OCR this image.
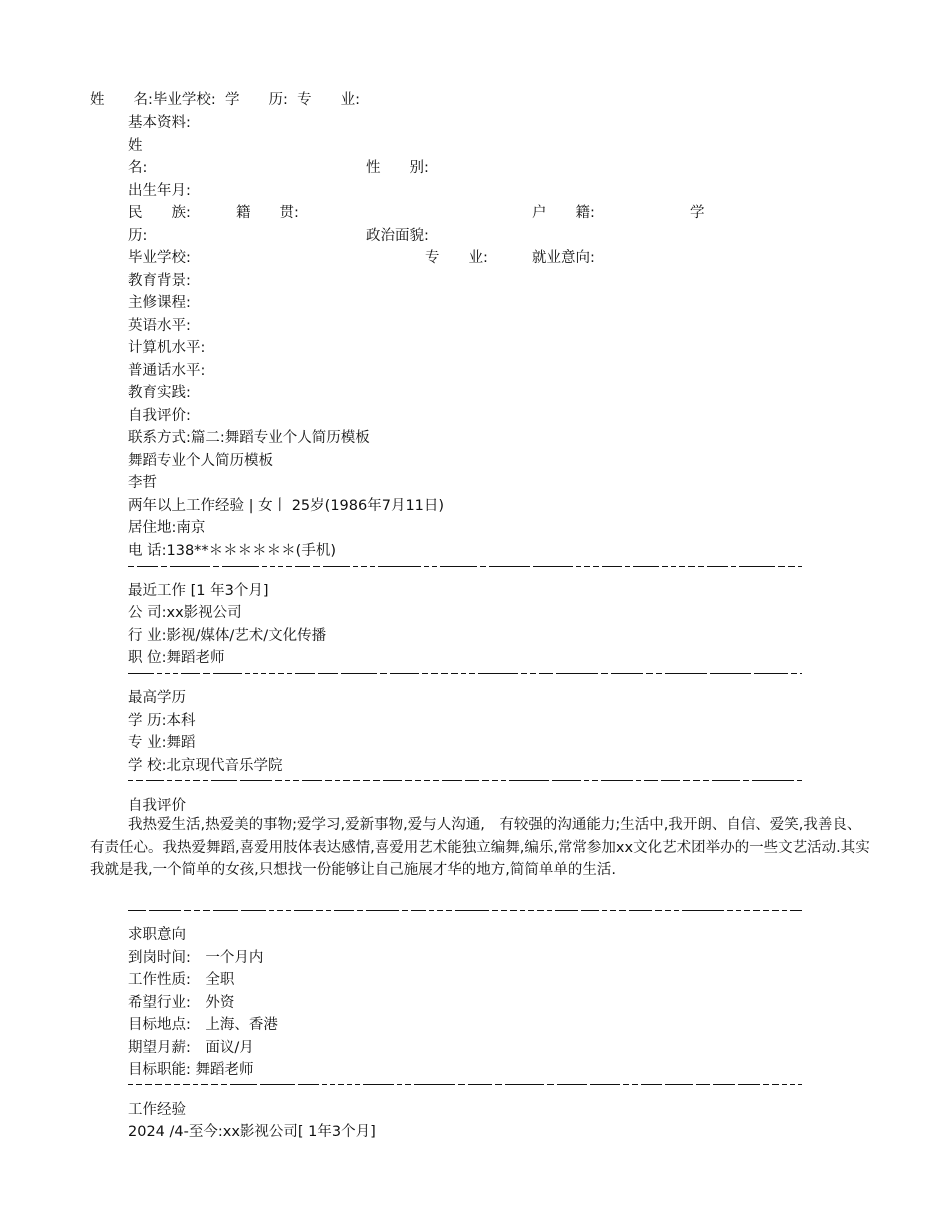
姓　　名:毕业学校: 学　　历: 专　　业:
基本资料:
姓
名:	性　　别:
出生年月:
民　　族:	籍　　贯:	户　　籍:	学
历:	政治面貌:
毕业学校:	专　　业:	就业意向:
教育背景:
主修课程:
英语水平:
计算机水平:
普通话水平:
教育实践:
自我评价:
联系方式:篇二:舞蹈专业个人简历模板
舞蹈专业个人简历模板
李哲
两年以上工作经验 | 女丨 25岁(1986年7月11日)
居住地:南京
电 话:138**＊＊＊＊＊＊(手机)
最近工作 [1 年3个月]
公 司:xx影视公司
行 业:影视/媒体/艺术/文化传播
职 位:舞蹈老师
最高学历
学 历:本科
专 业:舞蹈
学 校:北京现代音乐学院
自我评价
我热爱生活,热爱美的事物;爱学习,爱新事物,爱与人沟通,　有较强的沟通能力;生活中,我开朗、自信、爱笑,我善良、有责任心。我热爱舞蹈,喜爱用肢体表达感情,喜爱用艺术能独立编舞,编乐,常常参加xx文化艺术团举办的一些文艺活动.其实我就是我,一个简单的女孩,只想找一份能够让自己施展才华的地方,简简单单的生活.
求职意向
到岗时间:　一个月内
工作性质:　全职
希望行业:　外资
目标地点:　上海、香港
期望月薪:　面议/月
目标职能: 舞蹈老师
工作经验
2024 /4-至今:xx影视公司[ 1年3个月]
